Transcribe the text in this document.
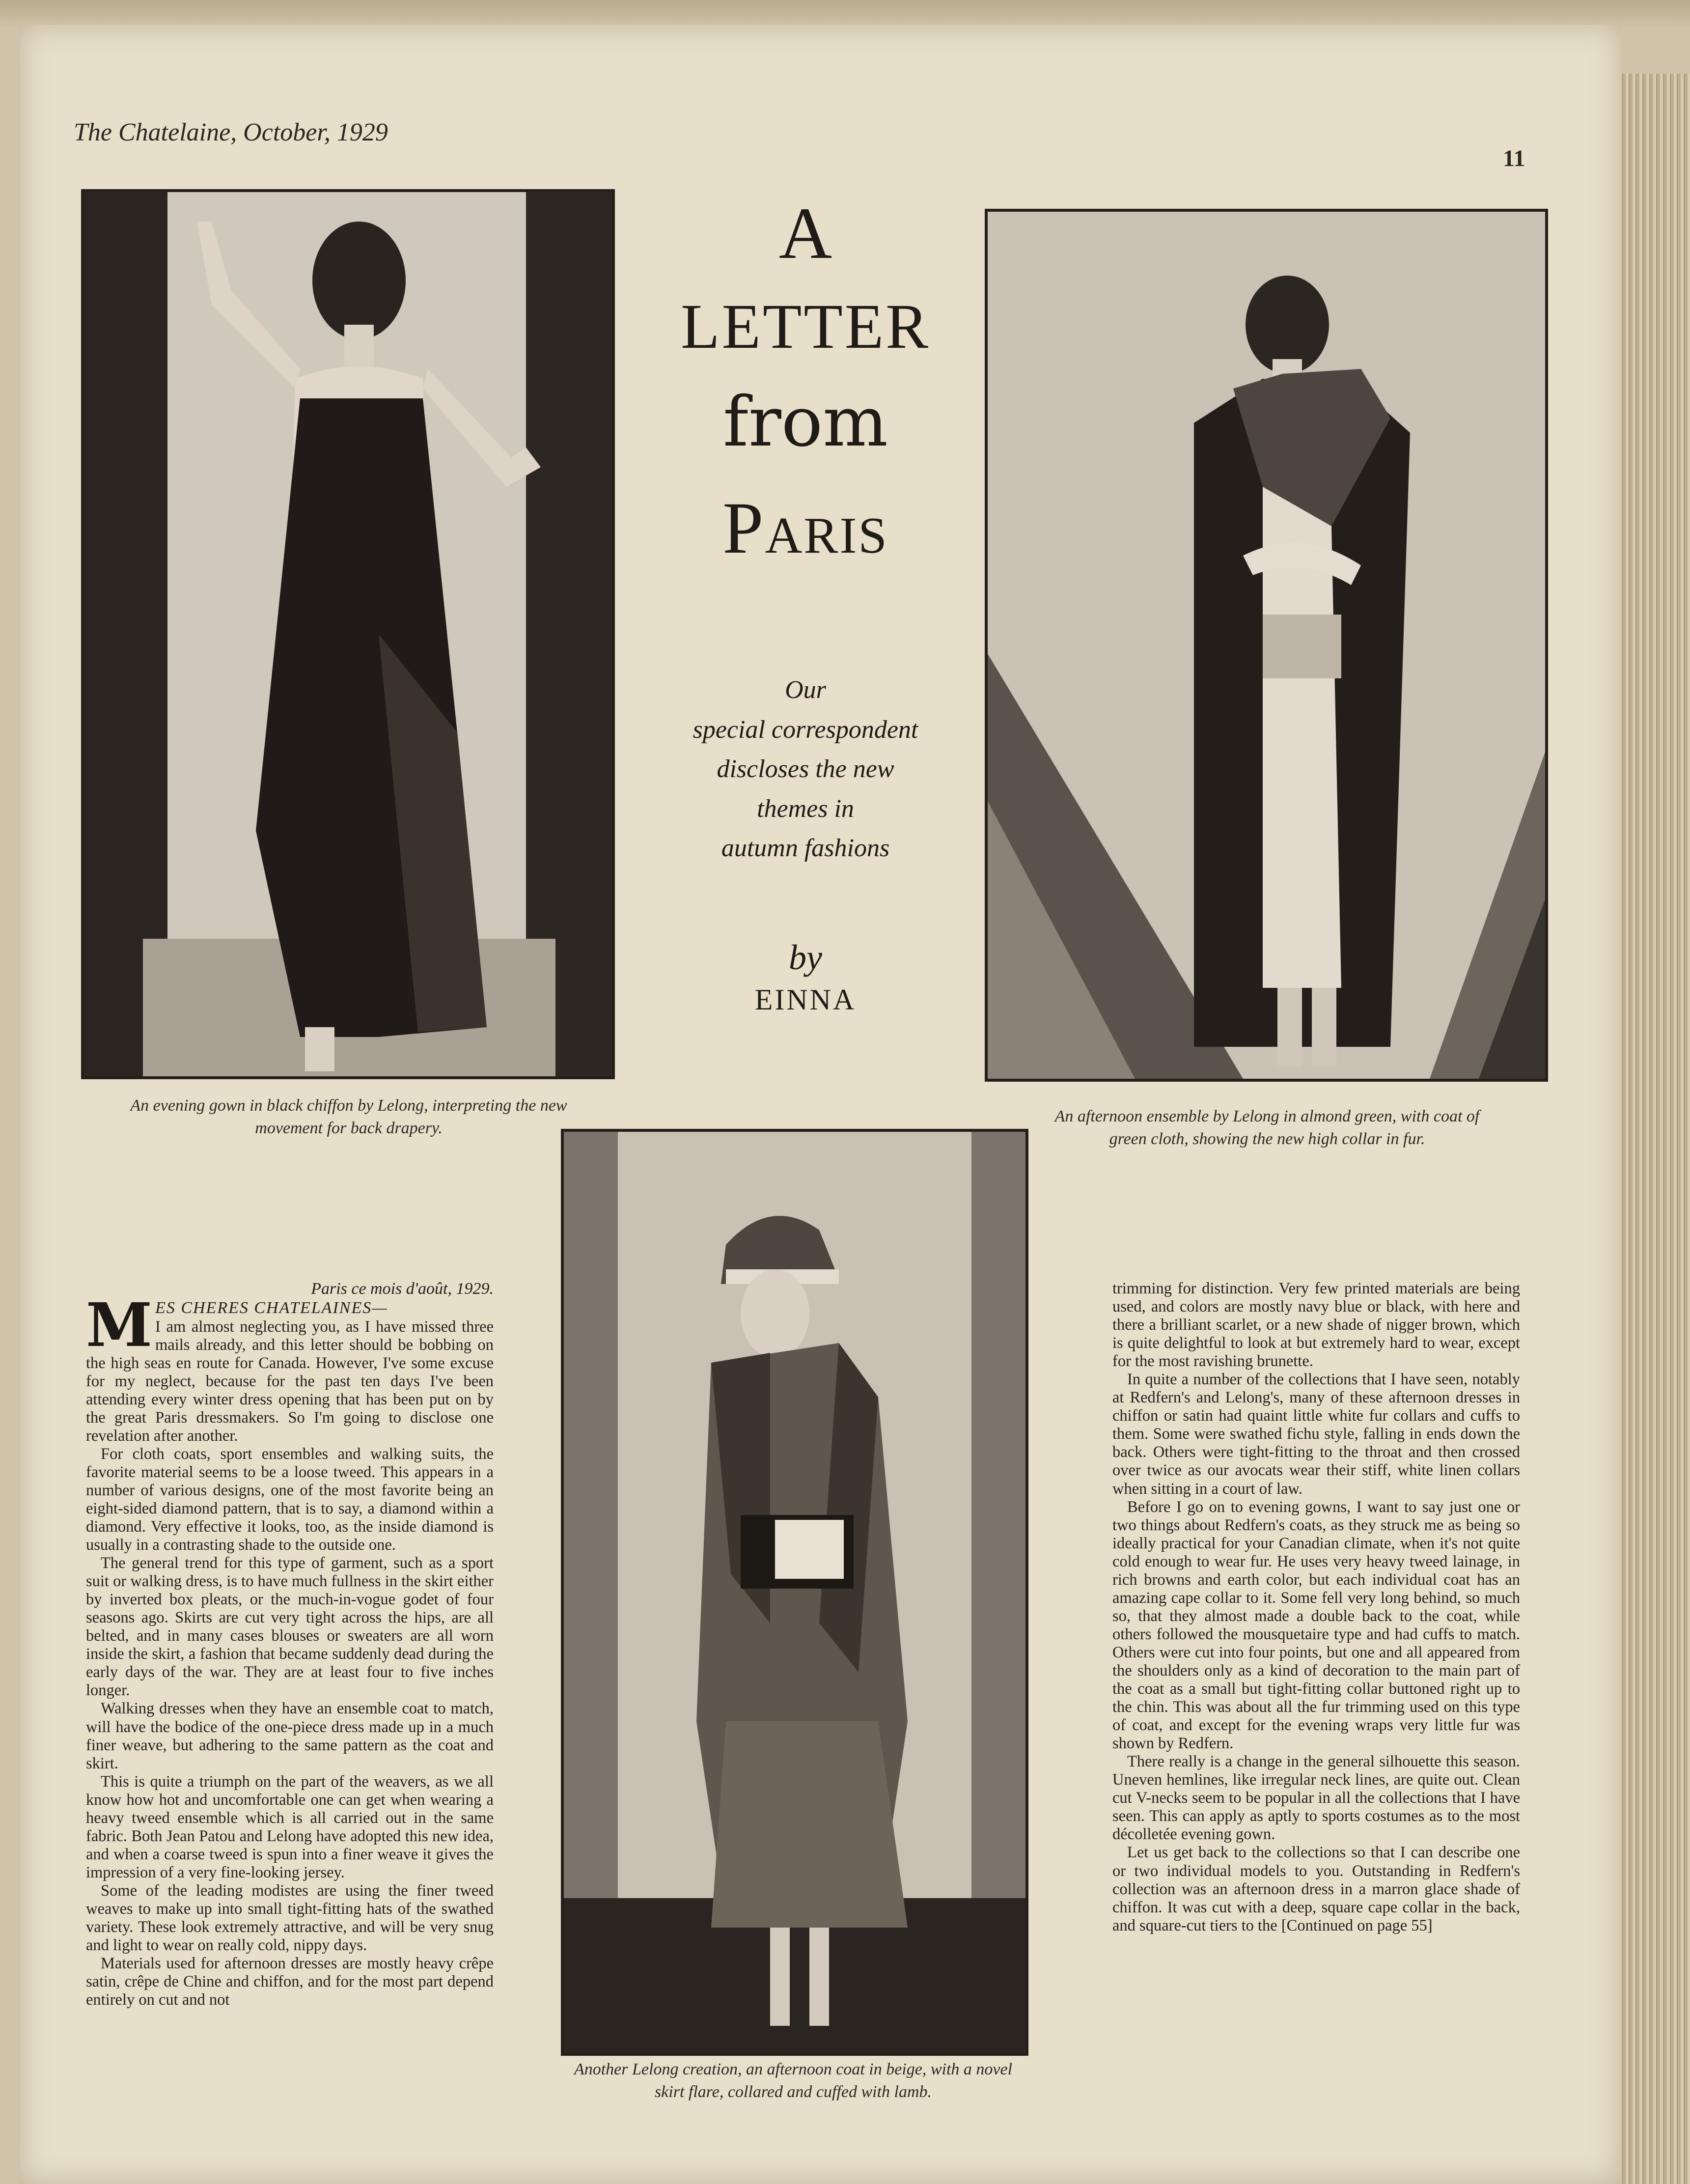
The Chatelaine, October, 1929
11
An evening gown in black chiffon by Lelong, interpreting the new movement for back drapery.
An afternoon ensemble by Lelong in almond green, with coat of green cloth, showing the new high collar in fur.
Another Lelong creation, an afternoon coat in beige, with a novel skirt flare, collared and cuffed with lamb.
A
LETTER
from
Paris
Our
special correspondent
discloses the new
themes in
autumn fashions
by
EINNA
Paris ce mois d'août, 1929.

M ES CHERES CHATELAINES—
I am almost neglecting you, as I have missed three mails already, and this letter should be bobbing on the high seas en route for Canada. However, I've some excuse for my neglect, because for the past ten days I've been attending every winter dress opening that has been put on by the great Paris dressmakers. So I'm going to disclose one revelation after another.

For cloth coats, sport ensembles and walking suits, the favorite material seems to be a loose tweed. This appears in a number of various designs, one of the most favorite being an eight-sided diamond pattern, that is to say, a diamond within a diamond. Very effective it looks, too, as the inside diamond is usually in a contrasting shade to the outside one.

The general trend for this type of garment, such as a sport suit or walking dress, is to have much fullness in the skirt either by inverted box pleats, or the much-in-vogue godet of four seasons ago. Skirts are cut very tight across the hips, are all belted, and in many cases blouses or sweaters are all worn inside the skirt, a fashion that became suddenly dead during the early days of the war. They are at least four to five inches longer.

Walking dresses when they have an ensemble coat to match, will have the bodice of the one-piece dress made up in a much finer weave, but adhering to the same pattern as the coat and skirt.

This is quite a triumph on the part of the weavers, as we all know how hot and uncomfortable one can get when wearing a heavy tweed ensemble which is all carried out in the same fabric. Both Jean Patou and Lelong have adopted this new idea, and when a coarse tweed is spun into a finer weave it gives the impression of a very fine-looking jersey.

Some of the leading modistes are using the finer tweed weaves to make up into small tight-fitting hats of the swathed variety. These look extremely attractive, and will be very snug and light to wear on really cold, nippy days.

Materials used for afternoon dresses are mostly heavy crêpe satin, crêpe de Chine and chiffon, and for the most part depend entirely on cut and not

trimming for distinction. Very few printed materials are being used, and colors are mostly navy blue or black, with here and there a brilliant scarlet, or a new shade of nigger brown, which is quite delightful to look at but extremely hard to wear, except for the most ravishing brunette.

In quite a number of the collections that I have seen, notably at Redfern's and Lelong's, many of these afternoon dresses in chiffon or satin had quaint little white fur collars and cuffs to them. Some were swathed fichu style, falling in ends down the back. Others were tight-fitting to the throat and then crossed over twice as our avocats wear their stiff, white linen collars when sitting in a court of law.

Before I go on to evening gowns, I want to say just one or two things about Redfern's coats, as they struck me as being so ideally practical for your Canadian climate, when it's not quite cold enough to wear fur. He uses very heavy tweed lainage, in rich browns and earth color, but each individual coat has an amazing cape collar to it. Some fell very long behind, so much so, that they almost made a double back to the coat, while others followed the mousquetaire type and had cuffs to match. Others were cut into four points, but one and all appeared from the shoulders only as a kind of decoration to the main part of the coat as a small but tight-fitting collar buttoned right up to the chin. This was about all the fur trimming used on this type of coat, and except for the evening wraps very little fur was shown by Redfern.

There really is a change in the general silhouette this season. Uneven hemlines, like irregular neck lines, are quite out. Clean cut V-necks seem to be popular in all the collections that I have seen. This can apply as aptly to sports costumes as to the most décolletée evening gown.

Let us get back to the collections so that I can describe one or two individual models to you. Outstanding in Redfern's collection was an afternoon dress in a marron glace shade of chiffon. It was cut with a deep, square cape collar in the back, and square-cut tiers to the [Continued on page 55]
